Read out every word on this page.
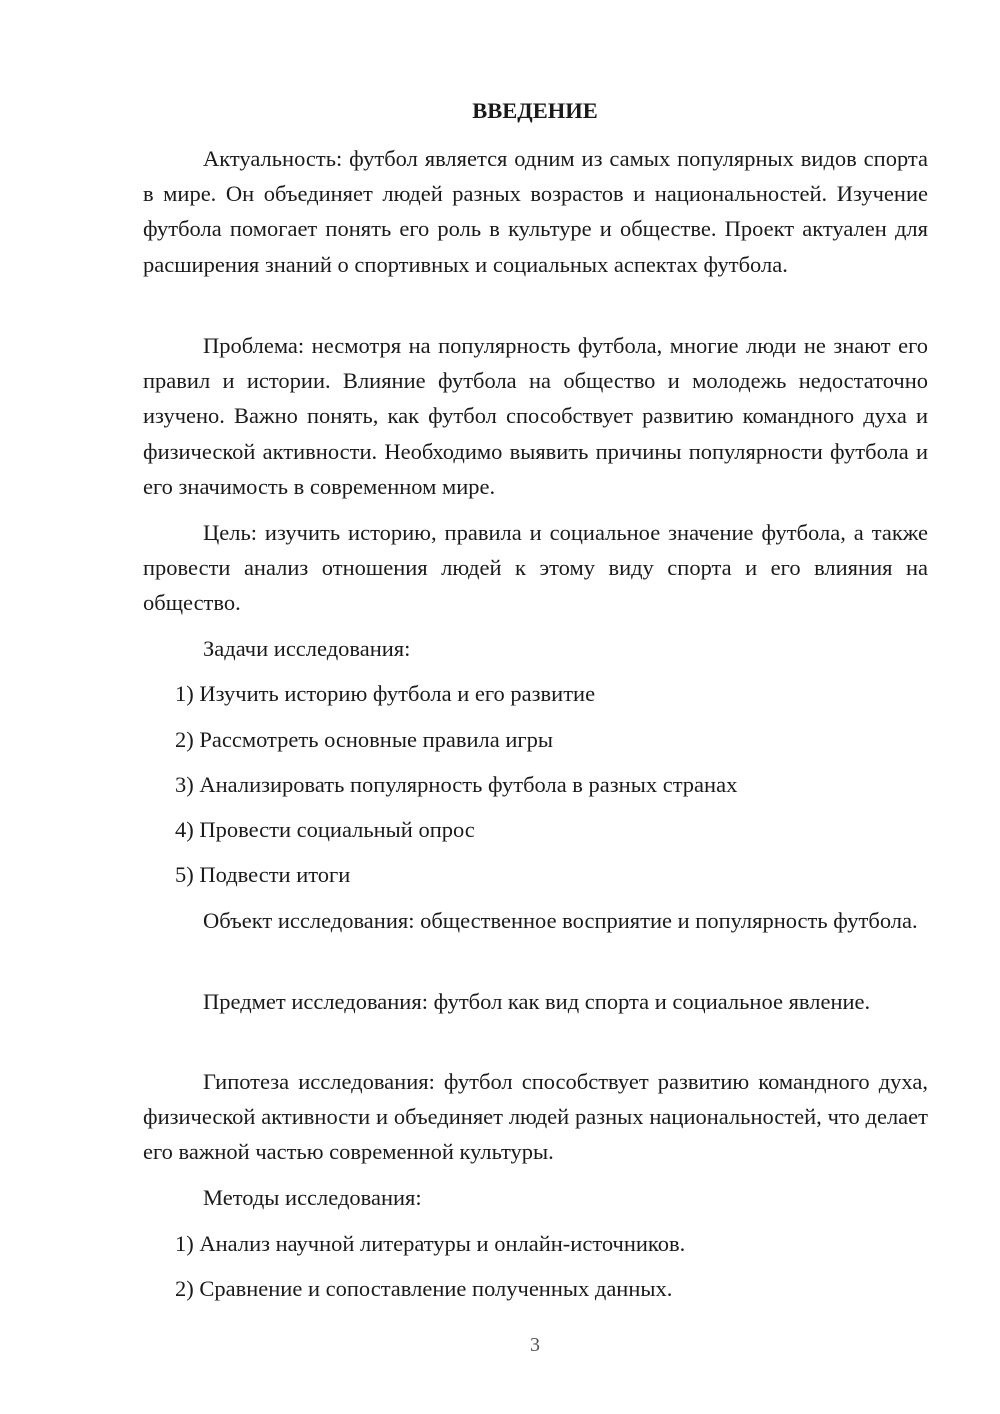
ВВЕДЕНИЕ

Актуальность: футбол является одним из самых популярных видов спорта в мире. Он объединяет людей разных возрастов и национальностей. Изучение футбола помогает понять его роль в культуре и обществе. Проект актуален для расширения знаний о спортивных и социальных аспектах футбола.

Проблема: несмотря на популярность футбола, многие люди не знают его правил и истории. Влияние футбола на общество и молодежь недостаточно изучено. Важно понять, как футбол способствует развитию командного духа и физической активности. Необходимо выявить причины популярности футбола и его значимость в современном мире.

Цель: изучить историю, правила и социальное значение футбола, а также провести анализ отношения людей к этому виду спорта и его влияния на общество.

Задачи исследования:

1) Изучить историю футбола и его развитие

2) Рассмотреть основные правила игры

3) Анализировать популярность футбола в разных странах

4) Провести социальный опрос

5) Подвести итоги

Объект исследования: общественное восприятие и популярность футбола.

Предмет исследования: футбол как вид спорта и социальное явление.

Гипотеза исследования: футбол способствует развитию командного духа, физической активности и объединяет людей разных национальностей, что делает его важной частью современной культуры.

Методы исследования:

1) Анализ научной литературы и онлайн-источников.

2) Сравнение и сопоставление полученных данных.

3
